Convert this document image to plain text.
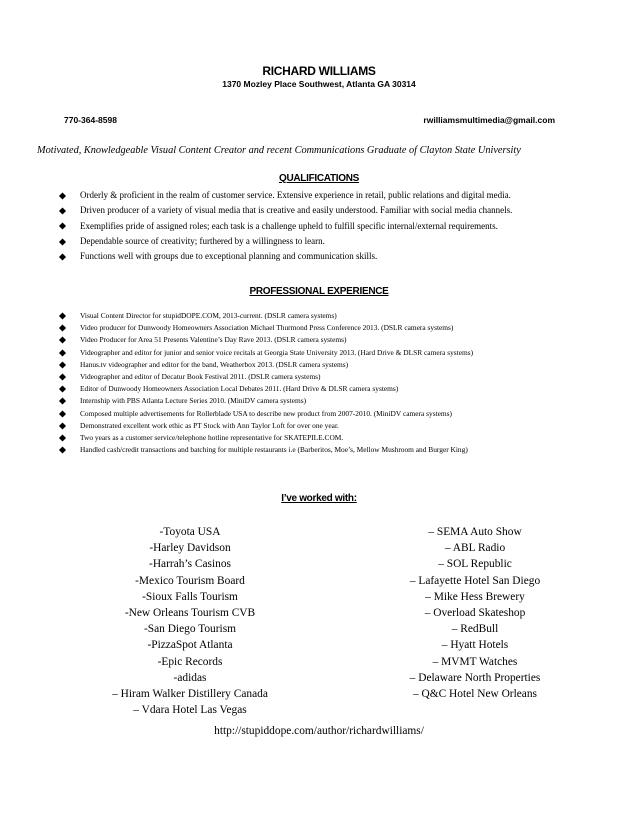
RICHARD WILLIAMS
1370 Mozley Place Southwest, Atlanta GA 30314
770-364-8598	rwilliamsmultimedia@gmail.com
Motivated, Knowledgeable Visual Content Creator and recent Communications Graduate of Clayton State University
QUALIFICATIONS
Orderly & proficient in the realm of customer service. Extensive experience in retail, public relations and digital media.
Driven producer of a variety of visual media that is creative and easily understood. Familiar with social media channels.
Exemplifies pride of assigned roles; each task is a challenge upheld to fulfill specific internal/external requirements.
Dependable source of creativity; furthered by a willingness to learn.
Functions well with groups due to exceptional planning and communication skills.
PROFESSIONAL EXPERIENCE
Visual Content Director for stupidDOPE.COM, 2013-current. (DSLR camera systems)
Video producer for Dunwoody Homeowners Association Michael Thurmond Press Conference 2013. (DSLR camera systems)
Video Producer for Area 51 Presents Valentine’s Day Rave 2013. (DSLR camera systems)
Videographer and editor for junior and senior voice recitals at Georgia State University 2013. (Hard Drive & DLSR camera systems)
Hanus.tv videographer and editor for the band, Weatherbox 2013. (DSLR camera systems)
Videographer and editor of Decatur Book Festival 2011. (DSLR camera systems)
Editor of Dunwoody Homeowners Association Local Debates 2011. (Hard Drive & DLSR camera systems)
Internship with PBS Atlanta Lecture Series 2010. (MiniDV camera systems)
Composed multiple advertisements for Rollerblade USA to describe new product from 2007-2010. (MiniDV camera systems)
Demonstrated excellent work ethic as PT Stock with Ann Taylor Loft for over one year.
Two years as a customer service/telephone hotline representative for SKATEPILE.COM.
Handled cash/credit transactions and batching for multiple restaurants i.e (Barberitos, Moe’s, Mellow Mushroom and Burger King)
I’ve worked with:
-Toyota USA
-Harley Davidson
-Harrah’s Casinos
-Mexico Tourism Board
-Sioux Falls Tourism
-New Orleans Tourism CVB
-San Diego Tourism
-PizzaSpot Atlanta
-Epic Records
-adidas
– Hiram Walker Distillery Canada
– Vdara Hotel Las Vegas
– SEMA Auto Show
– ABL Radio
– SOL Republic
– Lafayette Hotel San Diego
– Mike Hess Brewery
– Overload Skateshop
– RedBull
– Hyatt Hotels
– MVMT Watches
– Delaware North Properties
– Q&C Hotel New Orleans
http://stupiddope.com/author/richardwilliams/
